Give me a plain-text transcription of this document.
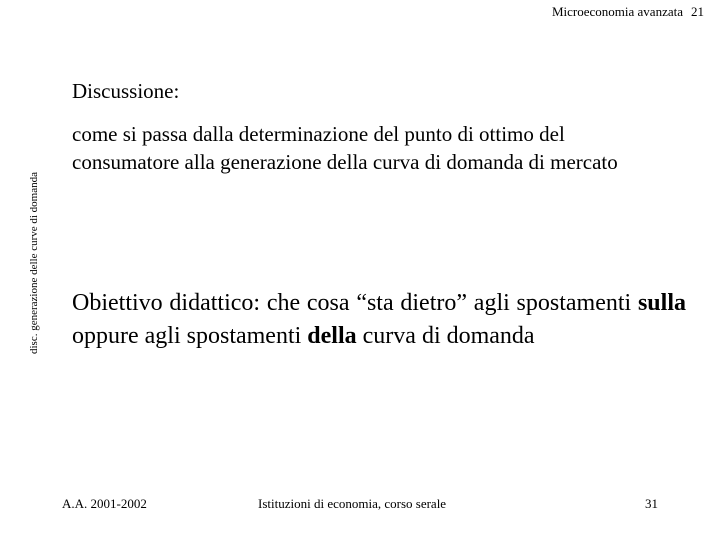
Microeconomia avanzata 21
disc. generazione delle curve di domanda
Discussione:
come si passa dalla determinazione del punto di ottimo del consumatore alla generazione della curva di domanda di mercato
Obiettivo didattico: che cosa “sta dietro” agli spostamenti sulla oppure agli spostamenti della curva di domanda
A.A. 2001-2002	Istituzioni di economia, corso serale	31
